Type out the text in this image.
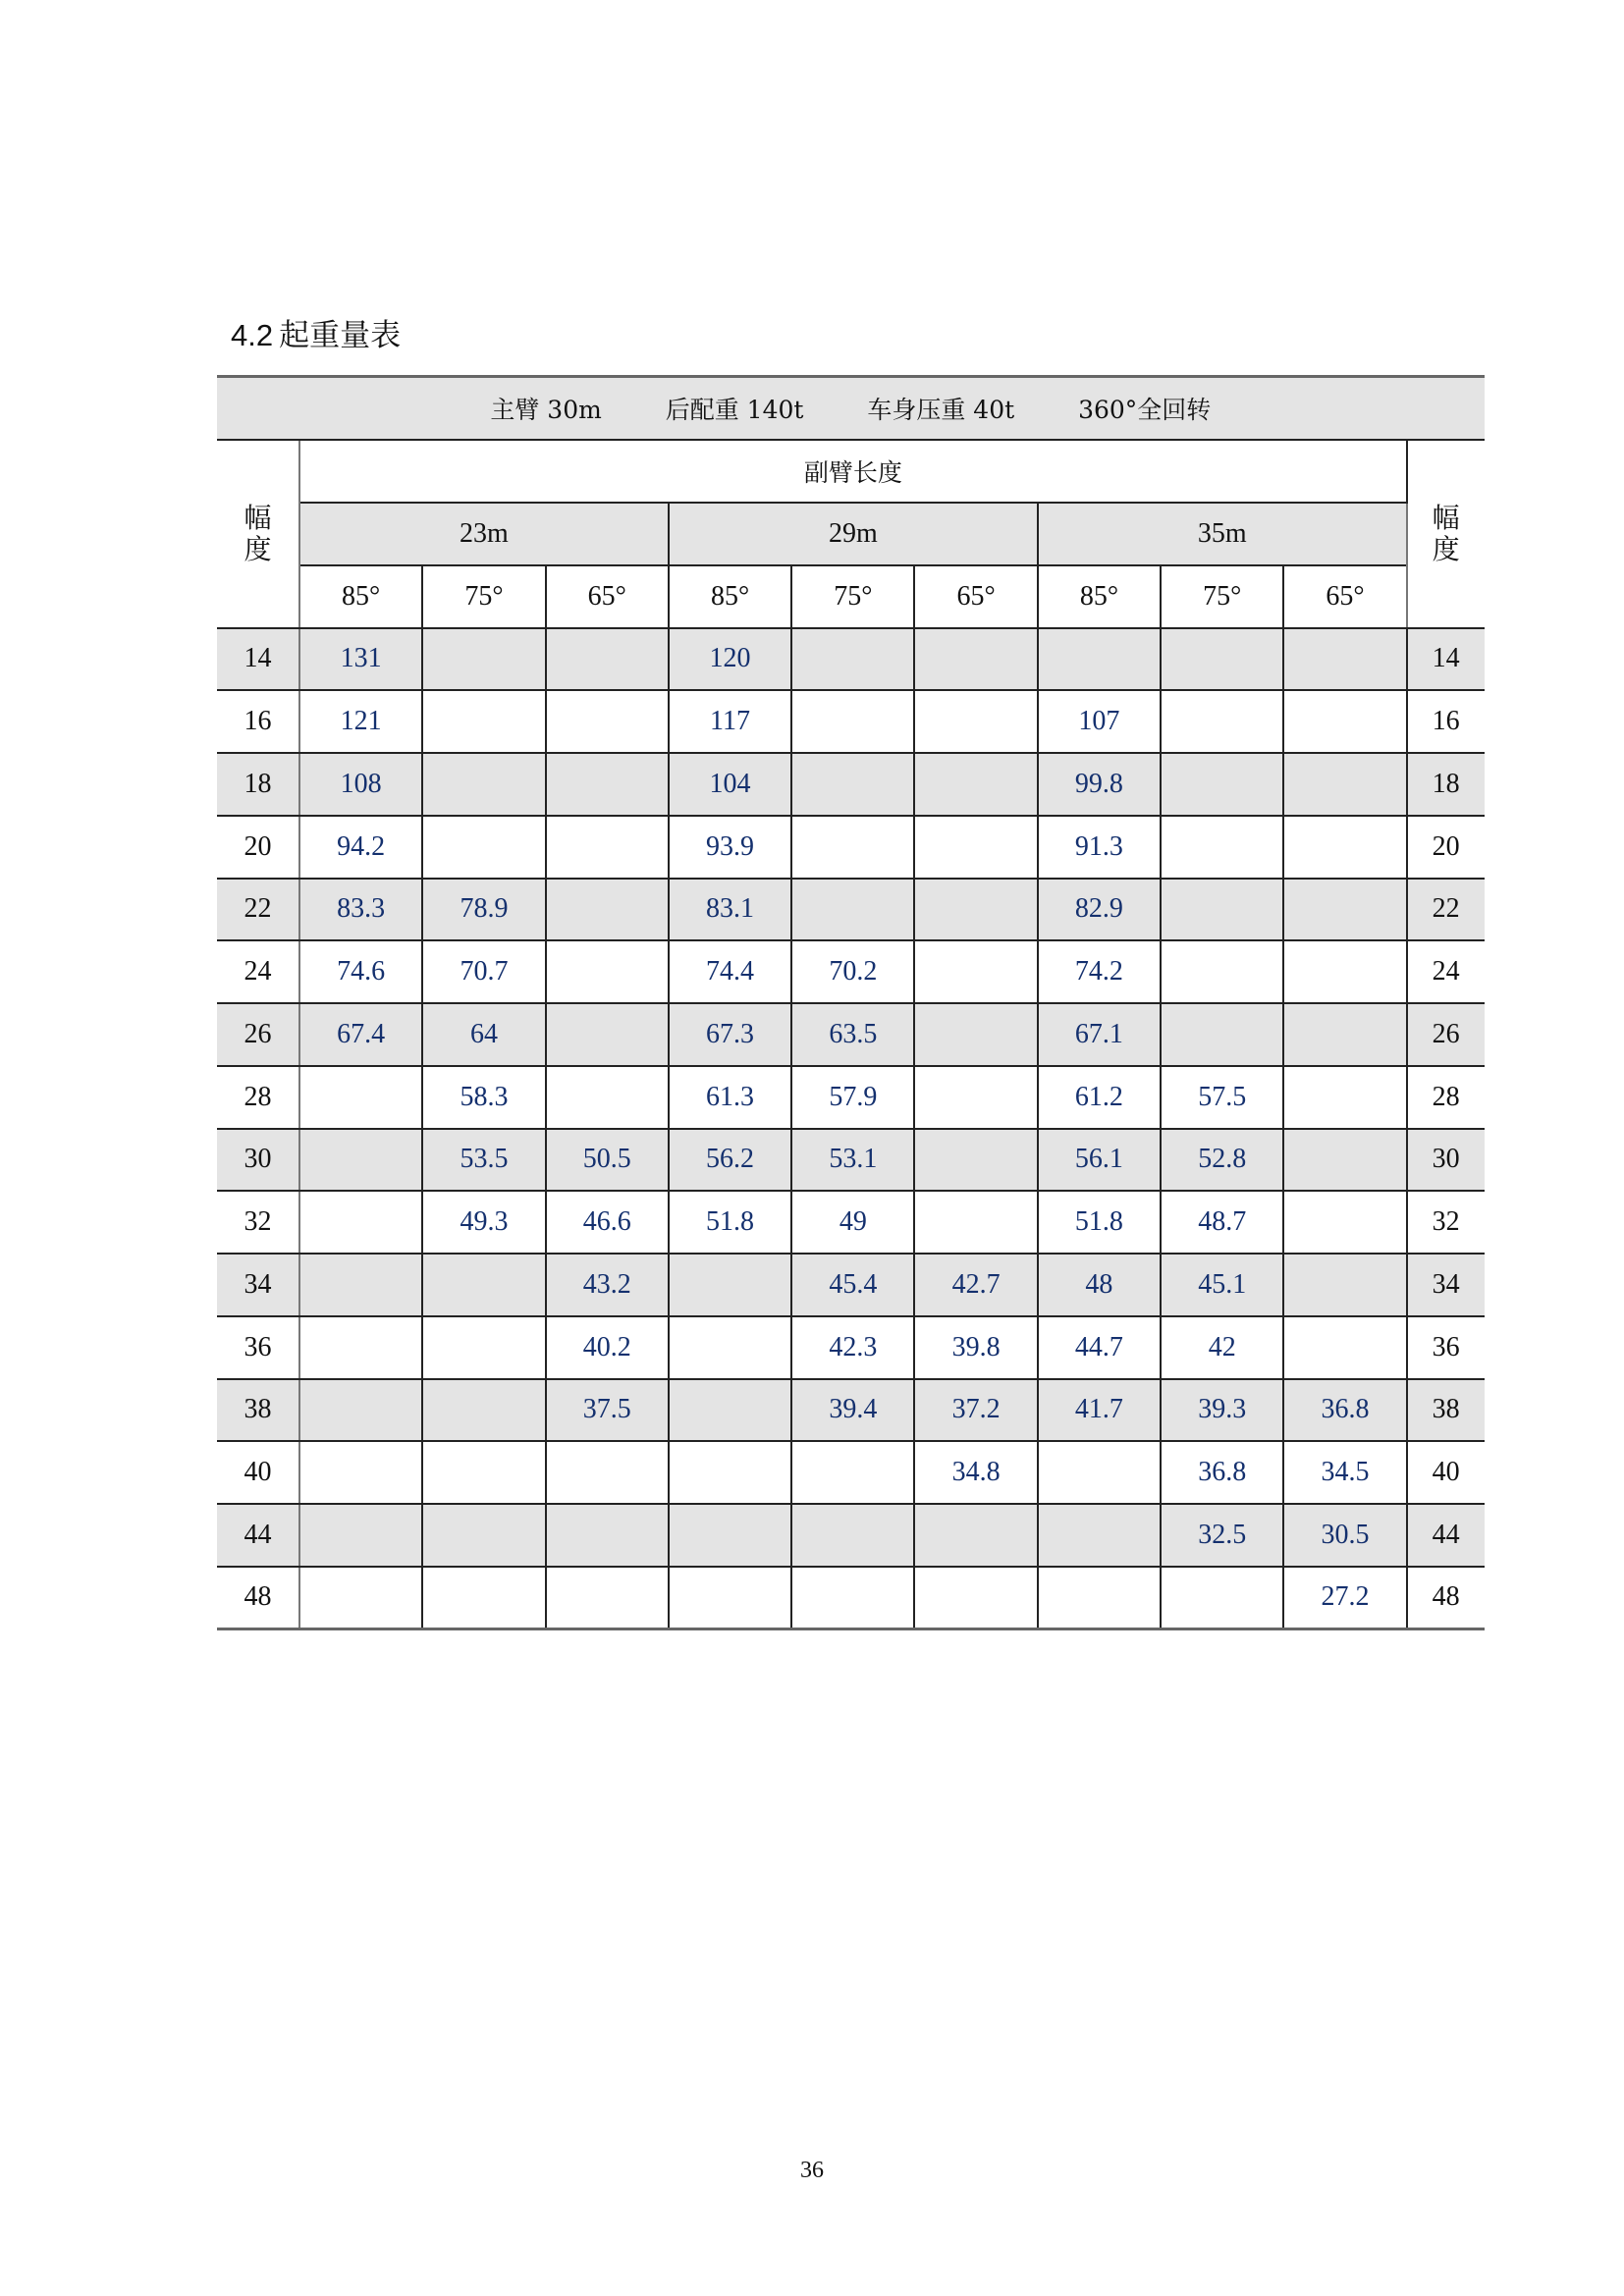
4.2 起重量表
主臂 30m 后配重 140t 车身压重 40t 360°全回转										

幅
度
	副臂长度	
幅
度

	23m			29m			35m			
	85°	75°	65°	85°	75°	65°	85°	75°	65°	
14	131			120						14
16	121			117			107			16
18	108			104			99.8			18
20	94.2			93.9			91.3			20
22	83.3	78.9		83.1			82.9			22
24	74.6	70.7		74.4	70.2		74.2			24
26	67.4	64		67.3	63.5		67.1			26
28		58.3		61.3	57.9		61.2	57.5		28
30		53.5	50.5	56.2	53.1		56.1	52.8		30
32		49.3	46.6	51.8	49		51.8	48.7		32
34			43.2		45.4	42.7	48	45.1		34
36			40.2		42.3	39.8	44.7	42		36
38			37.5		39.4	37.2	41.7	39.3	36.8	38
40						34.8		36.8	34.5	40
44								32.5	30.5	44
48									27.2	48
36
